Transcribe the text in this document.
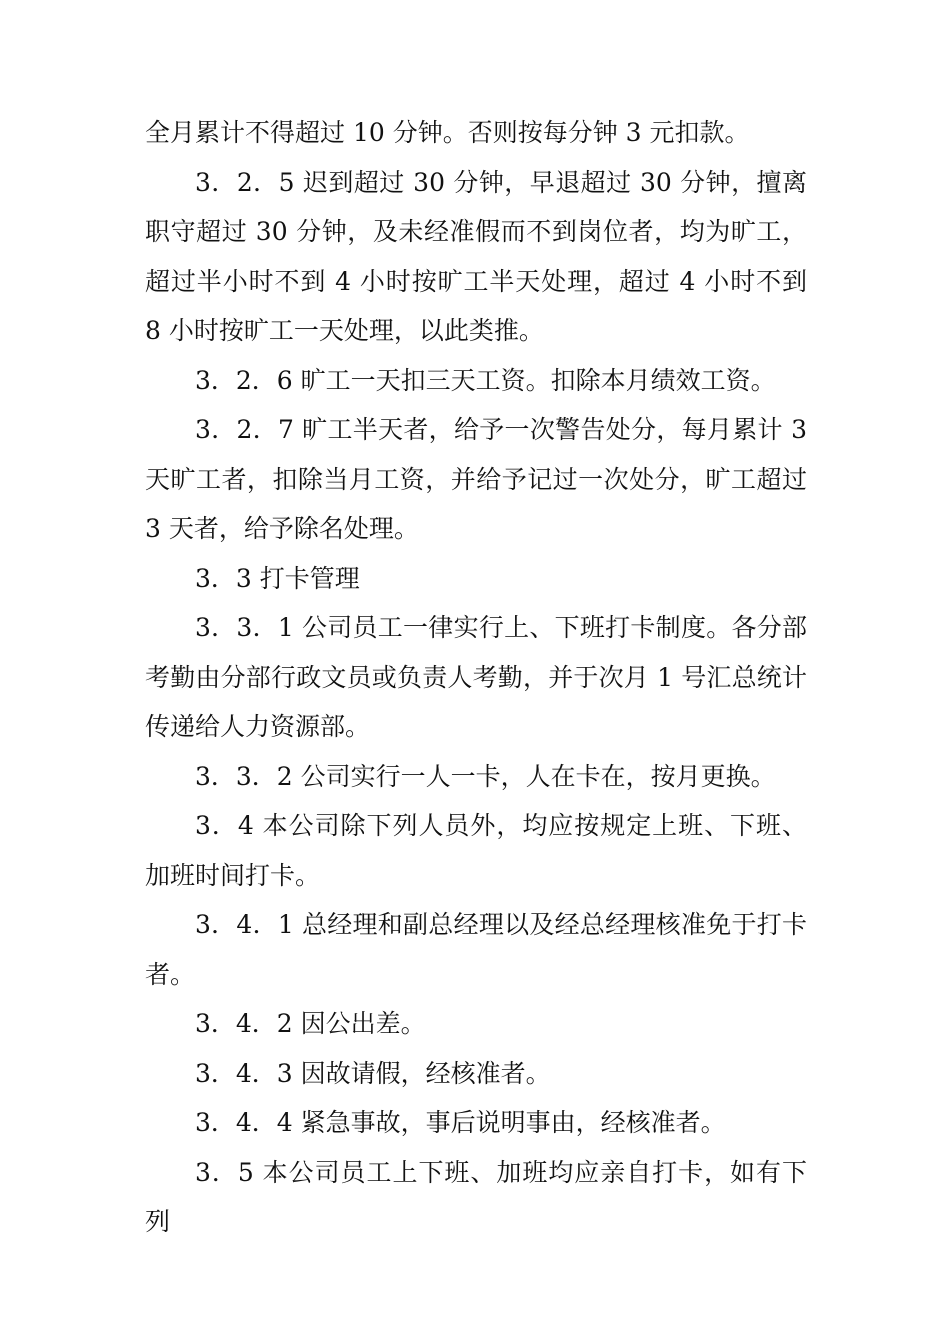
全月累计不得超过 10 分钟。否则按每分钟 3 元扣款。

3．2．5 迟到超过 30 分钟，早退超过 30 分钟，擅离职守超过 30 分钟，及未经准假而不到岗位者，均为旷工，超过半小时不到 4 小时按旷工半天处理，超过 4 小时不到 8 小时按旷工一天处理，以此类推。

3．2．6 旷工一天扣三天工资。扣除本月绩效工资。

3．2．7 旷工半天者，给予一次警告处分，每月累计 3 天旷工者，扣除当月工资，并给予记过一次处分，旷工超过 3 天者，给予除名处理。

3．3 打卡管理

3．3．1 公司员工一律实行上、下班打卡制度。各分部考勤由分部行政文员或负责人考勤，并于次月 1 号汇总统计传递给人力资源部。

3．3．2 公司实行一人一卡，人在卡在，按月更换。

3．4 本公司除下列人员外，均应按规定上班、下班、加班时间打卡。

3．4．1 总经理和副总经理以及经总经理核准免于打卡者。

3．4．2 因公出差。

3．4．3 因故请假，经核准者。

3．4．4 紧急事故，事后说明事由，经核准者。

3．5 本公司员工上下班、加班均应亲自打卡，如有下列
